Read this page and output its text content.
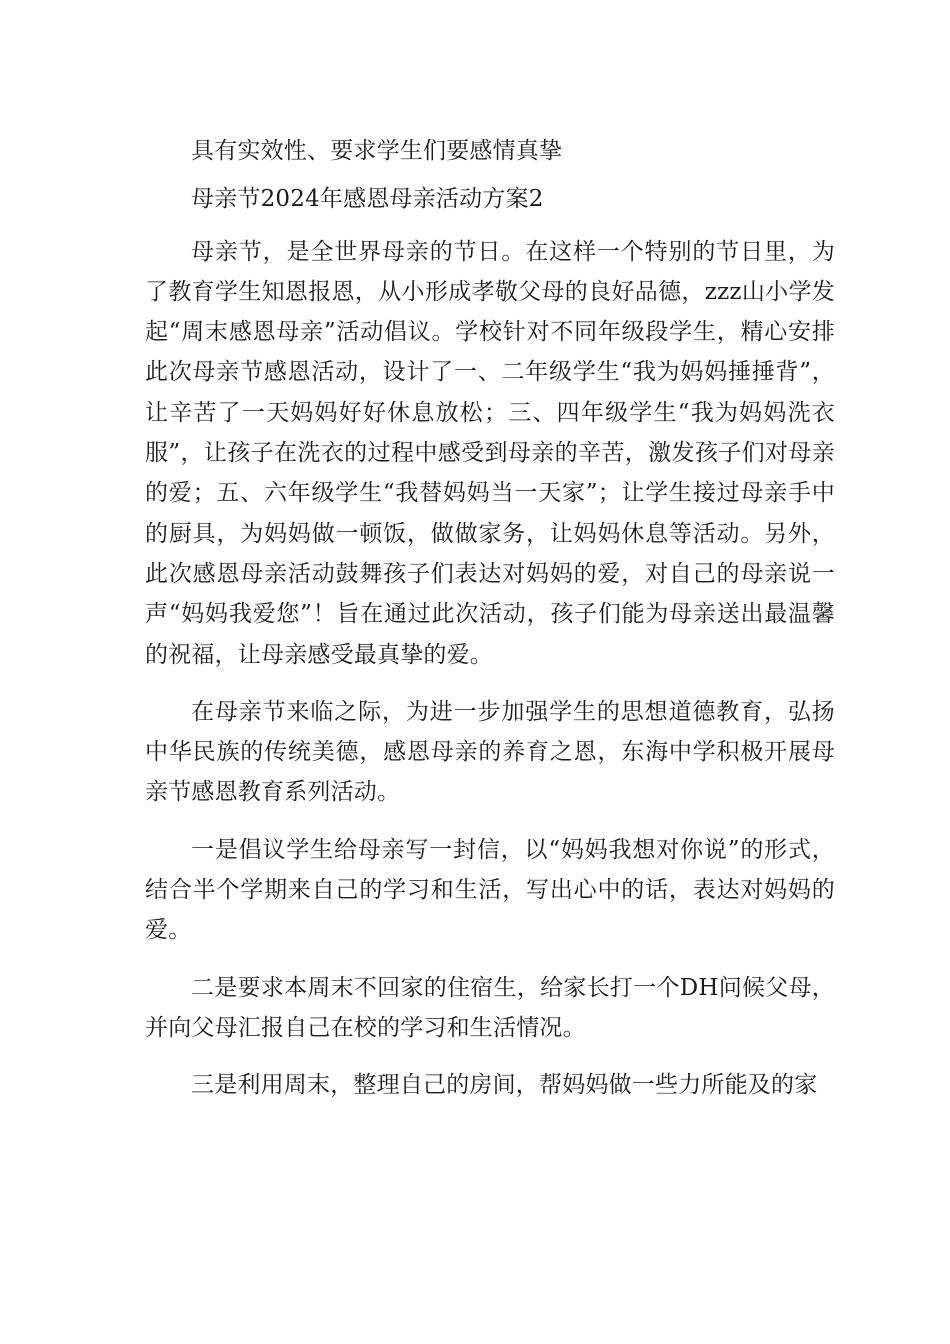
具有实效性、要求学生们要感情真挚

母亲节2024年感恩母亲活动方案2

母亲节，是全世界母亲的节日。在这样一个特别的节日里，为了教育学生知恩报恩，从小形成孝敬父母的良好品德，zzz山小学发起“周末感恩母亲”活动倡议。学校针对不同年级段学生，精心安排此次母亲节感恩活动，设计了一、二年级学生“我为妈妈捶捶背”，让辛苦了一天妈妈好好休息放松；三、四年级学生“我为妈妈洗衣服”，让孩子在洗衣的过程中感受到母亲的辛苦，激发孩子们对母亲的爱；五、六年级学生“我替妈妈当一天家”；让学生接过母亲手中的厨具，为妈妈做一顿饭，做做家务，让妈妈休息等活动。另外，此次感恩母亲活动鼓舞孩子们表达对妈妈的爱，对自己的母亲说一声“妈妈我爱您”！旨在通过此次活动，孩子们能为母亲送出最温馨的祝福，让母亲感受最真挚的爱。

在母亲节来临之际，为进一步加强学生的思想道德教育，弘扬中华民族的传统美德，感恩母亲的养育之恩，东海中学积极开展母亲节感恩教育系列活动。

一是倡议学生给母亲写一封信，以“妈妈我想对你说”的形式，结合半个学期来自己的学习和生活，写出心中的话，表达对妈妈的爱。

二是要求本周末不回家的住宿生，给家长打一个DH问候父母，并向父母汇报自己在校的学习和生活情况。

三是利用周末，整理自己的房间，帮妈妈做一些力所能及的家
